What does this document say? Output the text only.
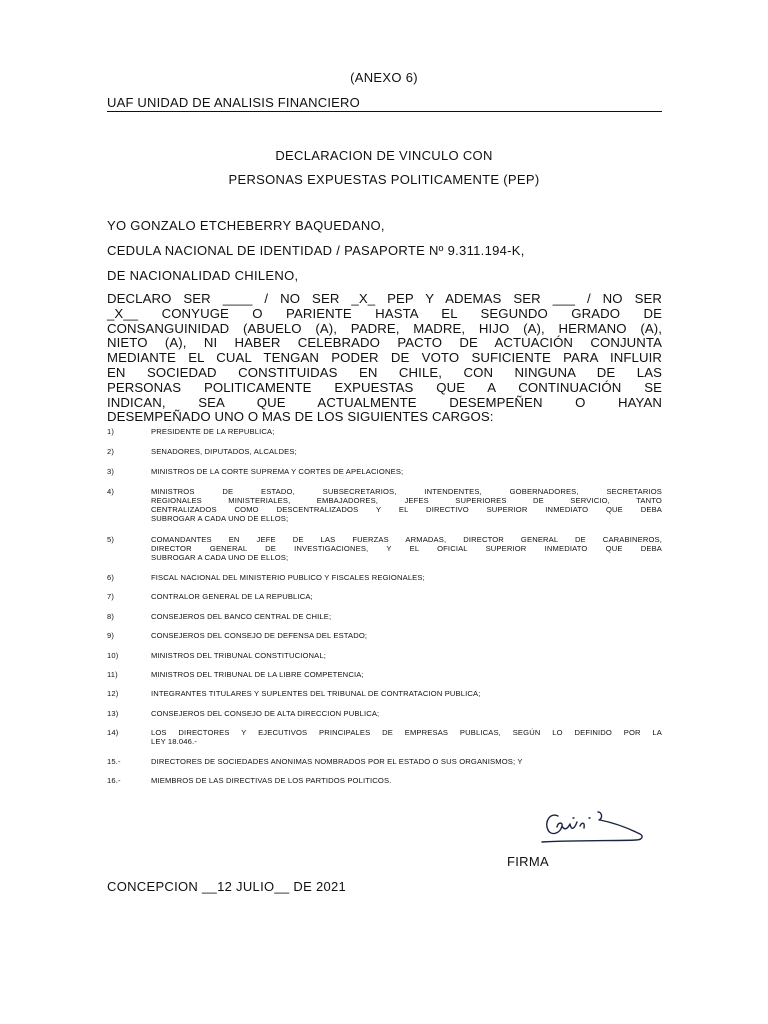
(ANEXO 6)
UAF UNIDAD DE ANALISIS FINANCIERO
DECLARACION DE VINCULO CON
PERSONAS EXPUESTAS POLITICAMENTE (PEP)
YO GONZALO ETCHEBERRY BAQUEDANO,
CEDULA NACIONAL DE IDENTIDAD / PASAPORTE Nº 9.311.194-K,
DE NACIONALIDAD CHILENO,
DECLARO SER ____ / NO SER _X_ PEP Y ADEMAS SER ___ / NO SER
_X__ CONYUGE O PARIENTE HASTA EL SEGUNDO GRADO DE
CONSANGUINIDAD (ABUELO (A), PADRE, MADRE, HIJO (A), HERMANO (A),
NIETO (A), NI HABER CELEBRADO PACTO DE ACTUACIÓN CONJUNTA
MEDIANTE EL CUAL TENGAN PODER DE VOTO SUFICIENTE PARA INFLUIR
EN SOCIEDAD CONSTITUIDAS EN CHILE, CON NINGUNA DE LAS
PERSONAS POLITICAMENTE EXPUESTAS QUE A CONTINUACIÓN SE
INDICAN, SEA QUE ACTUALMENTE DESEMPEÑEN O HAYAN
DESEMPEÑADO UNO O MAS DE LOS SIGUIENTES CARGOS:
1)	PRESIDENTE DE LA REPUBLICA;
2)	SENADORES, DIPUTADOS, ALCALDES;
3)	MINISTROS DE LA CORTE SUPREMA Y CORTES DE APELACIONES;
4)	MINISTROS DE ESTADO, SUBSECRETARIOS, INTENDENTES, GOBERNADORES, SECRETARIOS
REGIONALES MINISTERIALES, EMBAJADORES, JEFES SUPERIORES DE SERVICIO, TANTO
CENTRALIZADOS COMO DESCENTRALIZADOS Y EL DIRECTIVO SUPERIOR INMEDIATO QUE DEBA
SUBROGAR A CADA UNO DE ELLOS;
5)	COMANDANTES EN JEFE DE LAS FUERZAS ARMADAS, DIRECTOR GENERAL DE CARABINEROS,
DIRECTOR GENERAL DE INVESTIGACIONES, Y EL OFICIAL SUPERIOR INMEDIATO QUE DEBA
SUBROGAR A CADA UNO DE ELLOS;
6)	FISCAL NACIONAL DEL MINISTERIO PUBLICO Y FISCALES REGIONALES;
7)	CONTRALOR GENERAL DE LA REPUBLICA;
8)	CONSEJEROS DEL BANCO CENTRAL DE CHILE;
9)	CONSEJEROS DEL CONSEJO DE DEFENSA DEL ESTADO;
10)	MINISTROS DEL TRIBUNAL CONSTITUCIONAL;
11)	MINISTROS DEL TRIBUNAL DE LA LIBRE COMPETENCIA;
12)	INTEGRANTES TITULARES Y SUPLENTES DEL TRIBUNAL DE CONTRATACION PUBLICA;
13)	CONSEJEROS DEL CONSEJO DE ALTA DIRECCION PUBLICA;
14)	LOS DIRECTORES Y EJECUTIVOS PRINCIPALES DE EMPRESAS PUBLICAS, SEGÚN LO DEFINIDO POR LA
LEY 18.046.-
15.-	DIRECTORES DE SOCIEDADES ANONIMAS NOMBRADOS POR EL ESTADO O SUS ORGANISMOS; Y
16.-	MIEMBROS DE LAS DIRECTIVAS DE LOS PARTIDOS POLITICOS.
FIRMA
CONCEPCION __12 JULIO__ DE 2021
